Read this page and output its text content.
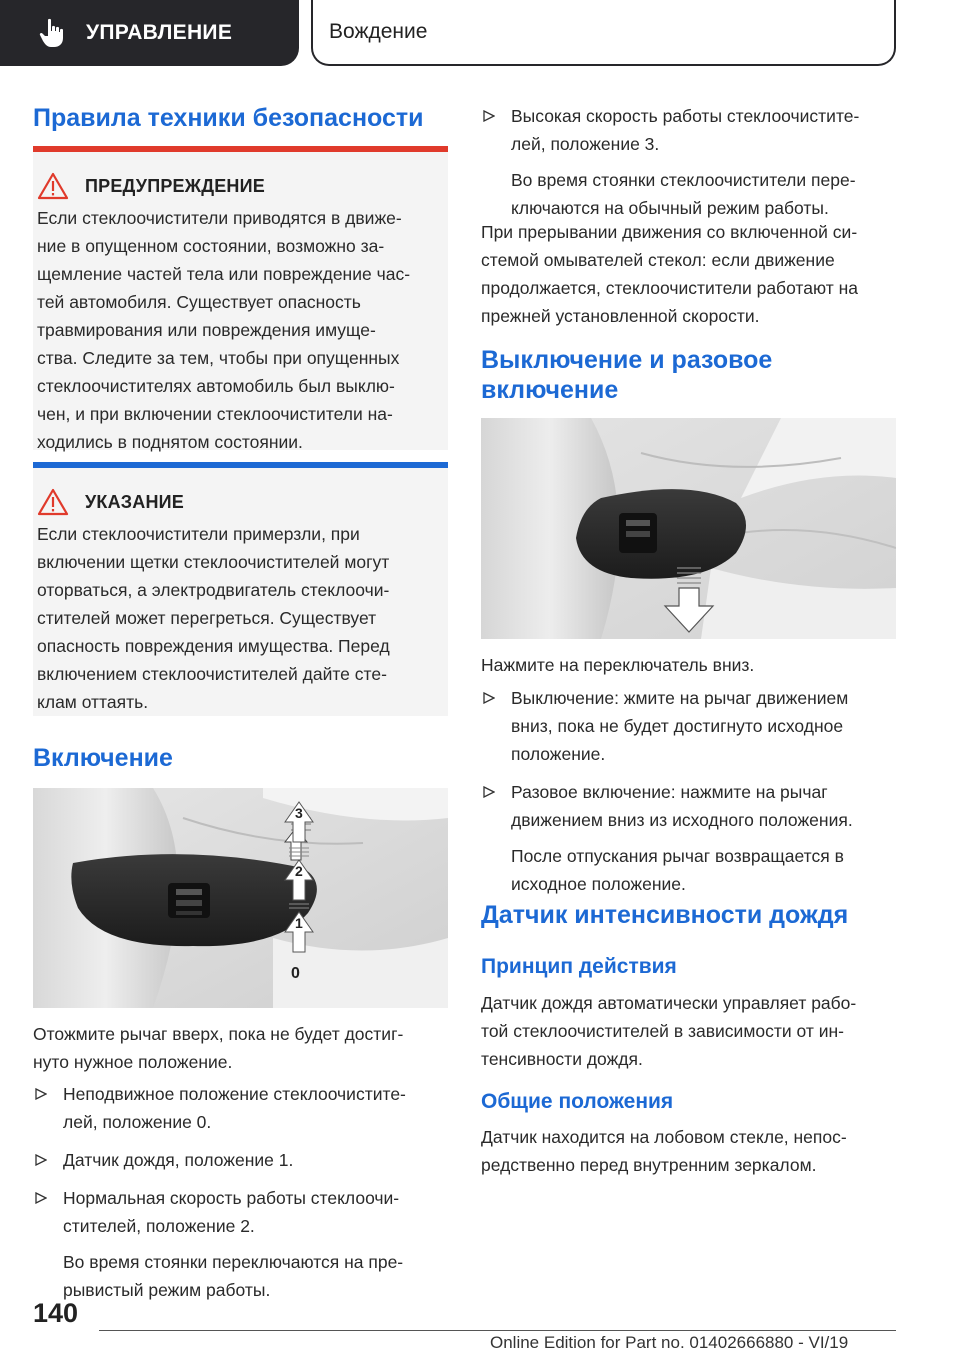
УПРАВЛЕНИЕ	Вождение
Правила техники безопасности
ПРЕДУПРЕЖДЕНИЕ
Если стеклоочистители приводятся в движе-
ние в опущенном состоянии, возможно за-
щемление частей тела или повреждение час-
тей автомобиля. Существует опасность
травмирования или повреждения имуще-
ства. Следите за тем, чтобы при опущенных
стеклоочистителях автомобиль был выклю-
чен, и при включении стеклоочистители на-
ходились в поднятом состоянии.
УКАЗАНИЕ
Если стеклоочистители примерзли, при
включении щетки стеклоочистителей могут
оторваться, а электродвигатель стеклоочи-
стителей может перегреться. Существует
опасность повреждения имущества. Перед
включением стеклоочистителей дайте сте-
клам оттаять.
Включение
3
2
1
0
Отожмите рычаг вверх, пока не будет достиг-
нуто нужное положение.
Неподвижное положение стеклоочистите-
лей, положение 0.
Датчик дождя, положение 1.
Нормальная скорость работы стеклоочи-
стителей, положение 2.
Во время стоянки переключаются на пре-
рывистый режим работы.
Высокая скорость работы стеклоочистите-
лей, положение 3.
Во время стоянки стеклоочистители пере-
ключаются на обычный режим работы.
При прерывании движения со включенной си-
стемой омывателей стекол: если движение
продолжается, стеклоочистители работают на
прежней установленной скорости.
Выключение и разовое
включение
Нажмите на переключатель вниз.
Выключение: жмите на рычаг движением
вниз, пока не будет достигнуто исходное
положение.
Разовое включение: нажмите на рычаг
движением вниз из исходного положения.
После отпускания рычаг возвращается в
исходное положение.
Датчик интенсивности дождя
Принцип действия
Датчик дождя автоматически управляет рабо-
той стеклоочистителей в зависимости от ин-
тенсивности дождя.
Общие положения
Датчик находится на лобовом стекле, непос-
редственно перед внутренним зеркалом.
140
Online Edition for Part no. 01402666880 - VI/19
